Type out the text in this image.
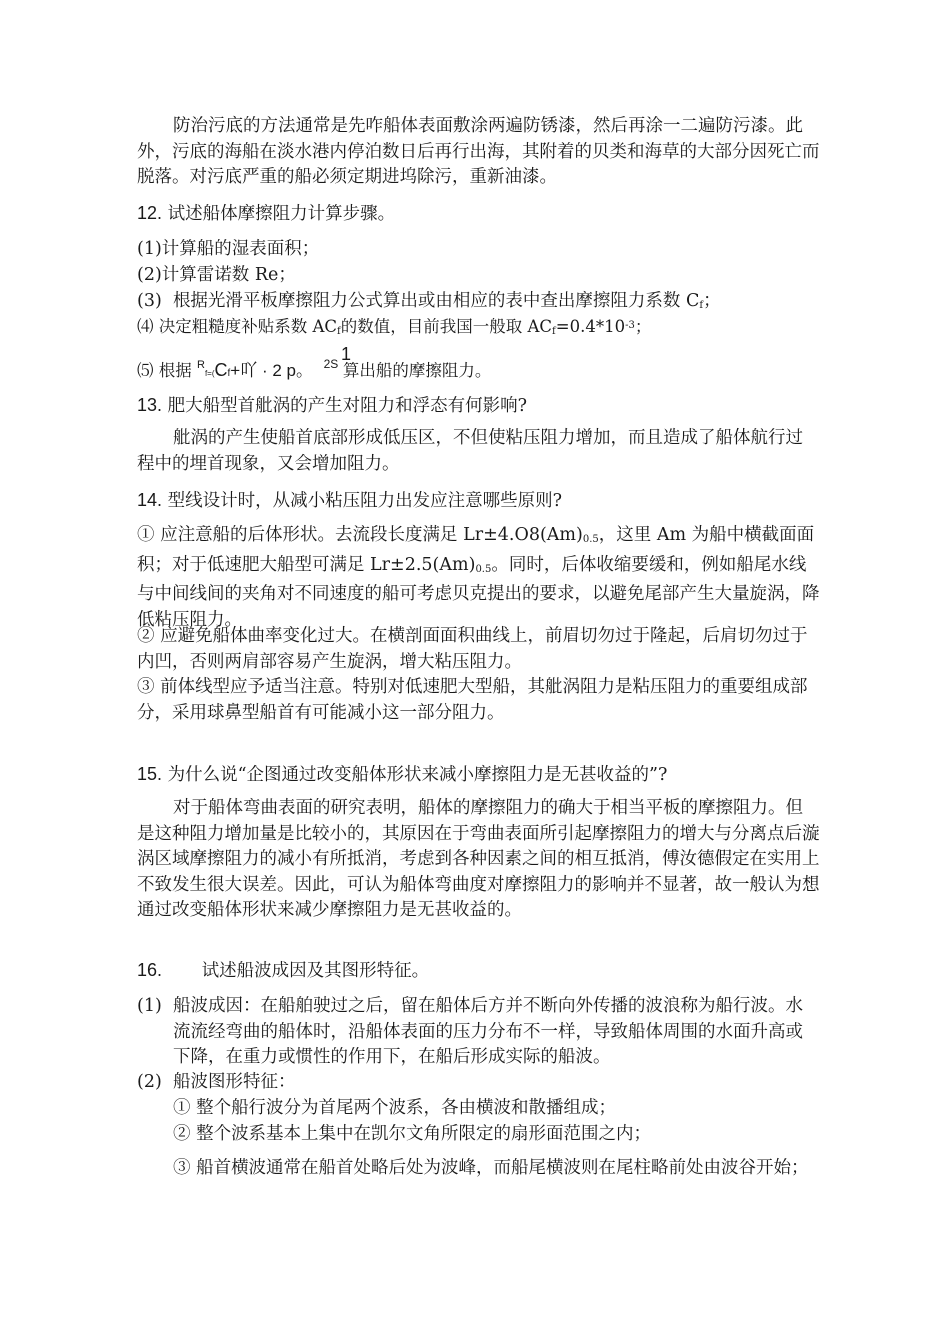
防治污底的方法通常是先咋船体表面敷涂两遍防锈漆，然后再涂一二遍防污漆。此外，污底的海船在淡水港内停泊数日后再行出海，其附着的贝类和海草的大部分因死亡而脱落。对污底严重的船必须定期进坞除污，重新油漆。

12. 试述船体摩擦阻力计算步骤。
(1)计算船的湿表面积；
(2)计算雷诺数 Re；
(3) 根据光滑平板摩擦阻力公式算出或由相应的表中查出摩擦阻力系数 $C_f$；
⑷ 决定粗糙度补贴系数 $AC_f$的数值，目前我国一般取 $AC_f=0.4*10^{-3}$；
⑸ 根据 $^R$f=(Cf+吖 · 2 p。
1
$^{2S}$ 算出船的摩擦阻力。
13. 肥大船型首舭涡的产生对阻力和浮态有何影响?

舭涡的产生使船首底部形成低压区，不但使粘压阻力增加，而且造成了船体航行过程中的埋首现象，又会增加阻力。

14. 型线设计时，从减小粘压阻力出发应注意哪些原则?

① 应注意船的后体形状。去流段长度满足 $Lr\pm 4.O8(Am)_{0.5}$，这里 Am 为船中横截面面积；对于低速肥大船型可满足 $Lr\pm 2.5(Am)_{0.5}$。同时，后体收缩要缓和，例如船尾水线与中间线间的夹角对不同速度的船可考虑贝克提出的要求，以避免尾部产生大量旋涡，降低粘压阻力。

② 应避免船体曲率变化过大。在横剖面面积曲线上，前眉切勿过于隆起，后肩切勿过于内凹，否则两肩部容易产生旋涡，增大粘压阻力。

③ 前体线型应予适当注意。特别对低速肥大型船，其舭涡阻力是粘压阻力的重要组成部分，采用球鼻型船首有可能减小这一部分阻力。

15. 为什么说“企图通过改变船体形状来减小摩擦阻力是无甚收益的”?

对于船体弯曲表面的研究表明，船体的摩擦阻力的确大于相当平板的摩擦阻力。但是这种阻力增加量是比较小的，其原因在于弯曲表面所引起摩擦阻力的增大与分离点后漩涡区域摩擦阻力的减小有所抵消，考虑到各种因素之间的相互抵消，傅汝德假定在实用上不致发生很大误差。因此，可认为船体弯曲度对摩擦阻力的影响并不显著，故一般认为想通过改变船体形状来减少摩擦阻力是无甚收益的。

16. 试述船波成因及其图形特征。
(1) 船波成因：在船舶驶过之后，留在船体后方并不断向外传播的波浪称为船行波。水流流经弯曲的船体时，沿船体表面的压力分布不一样，导致船体周围的水面升高或下降，在重力或惯性的作用下，在船后形成实际的船波。
(2) 船波图形特征：
① 整个船行波分为首尾两个波系，各由横波和散播组成；
② 整个波系基本上集中在凯尔文角所限定的扇形面范围之内；
③ 船首横波通常在船首处略后处为波峰，而船尾横波则在尾柱略前处由波谷开始；
